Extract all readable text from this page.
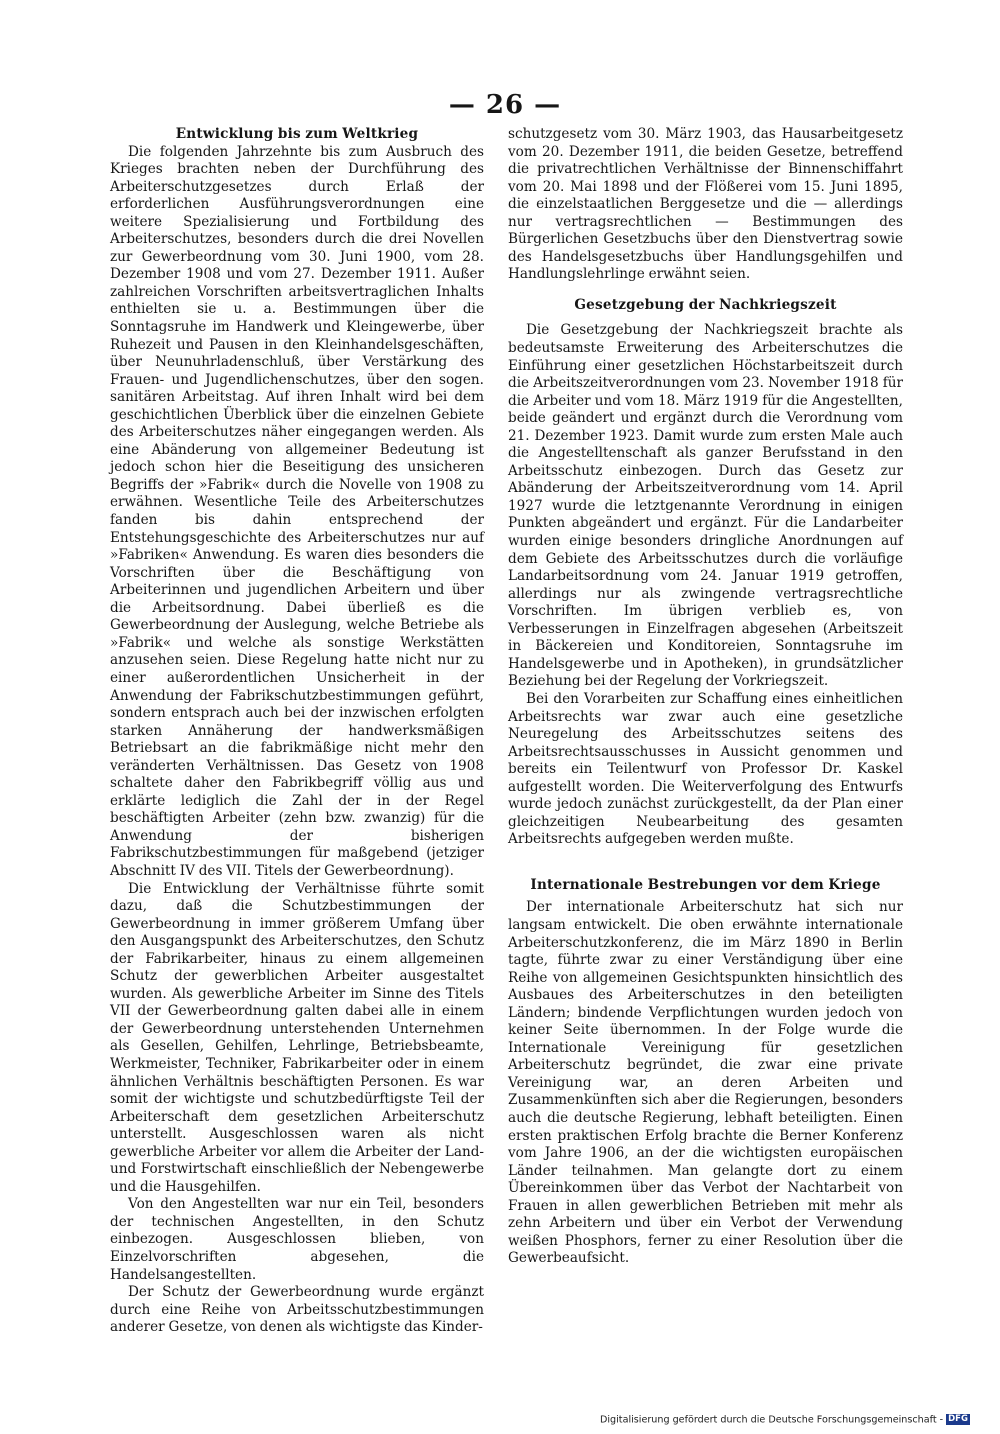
— 26 —
Entwicklung bis zum Weltkrieg

Die folgenden Jahrzehnte bis zum Ausbruch des Krieges brachten neben der Durchführung des Arbeiterschutzgesetzes durch Erlaß der erforderlichen Ausführungsverordnungen eine weitere Spezialisierung und Fortbildung des Arbeiterschutzes, besonders durch die drei Novellen zur Gewerbeordnung vom 30. Juni 1900, vom 28. Dezember 1908 und vom 27. Dezember 1911. Außer zahlreichen Vorschriften arbeitsvertraglichen Inhalts enthielten sie u. a. Bestimmungen über die Sonntagsruhe im Handwerk und Kleingewerbe, über Ruhezeit und Pausen in den Kleinhandelsgeschäften, über Neunuhrladenschluß, über Verstärkung des Frauen- und Jugendlichenschutzes, über den sogen. sanitären Arbeitstag. Auf ihren Inhalt wird bei dem geschichtlichen Überblick über die einzelnen Gebiete des Arbeiterschutzes näher eingegangen werden. Als eine Abänderung von allgemeiner Bedeutung ist jedoch schon hier die Beseitigung des unsicheren Begriffs der »Fabrik« durch die Novelle von 1908 zu erwähnen. Wesentliche Teile des Arbeiterschutzes fanden bis dahin entsprechend der Entstehungsgeschichte des Arbeiterschutzes nur auf »Fabriken« Anwendung. Es waren dies besonders die Vorschriften über die Beschäftigung von Arbeiterinnen und jugendlichen Arbeitern und über die Arbeitsordnung. Dabei überließ es die Gewerbeordnung der Auslegung, welche Betriebe als »Fabrik« und welche als sonstige Werkstätten anzusehen seien. Diese Regelung hatte nicht nur zu einer außerordentlichen Unsicherheit in der Anwendung der Fabrikschutzbestimmungen geführt, sondern entsprach auch bei der inzwischen erfolgten starken Annäherung der handwerksmäßigen Betriebsart an die fabrikmäßige nicht mehr den veränderten Verhältnissen. Das Gesetz von 1908 schaltete daher den Fabrikbegriff völlig aus und erklärte lediglich die Zahl der in der Regel beschäftigten Arbeiter (zehn bzw. zwanzig) für die Anwendung der bisherigen Fabrikschutzbestimmungen für maßgebend (jetziger Abschnitt IV des VII. Titels der Gewerbeordnung).

Die Entwicklung der Verhältnisse führte somit dazu, daß die Schutzbestimmungen der Gewerbeordnung in immer größerem Umfang über den Ausgangspunkt des Arbeiterschutzes, den Schutz der Fabrikarbeiter, hinaus zu einem allgemeinen Schutz der gewerblichen Arbeiter ausgestaltet wurden. Als gewerbliche Arbeiter im Sinne des Titels VII der Gewerbeordnung galten dabei alle in einem der Gewerbeordnung unterstehenden Unternehmen als Gesellen, Gehilfen, Lehrlinge, Betriebsbeamte, Werkmeister, Techniker, Fabrikarbeiter oder in einem ähnlichen Verhältnis beschäftigten Personen. Es war somit der wichtigste und schutzbedürftigste Teil der Arbeiterschaft dem gesetzlichen Arbeiterschutz unterstellt. Ausgeschlossen waren als nicht gewerbliche Arbeiter vor allem die Arbeiter der Land- und Forstwirtschaft einschließlich der Nebengewerbe und die Hausgehilfen.

Von den Angestellten war nur ein Teil, besonders der technischen Angestellten, in den Schutz einbezogen. Ausgeschlossen blieben, von Einzelvorschriften abgesehen, die Handelsangestellten.

Der Schutz der Gewerbeordnung wurde ergänzt durch eine Reihe von Arbeitsschutzbestimmungen anderer Gesetze, von denen als wichtigste das Kinder-

schutzgesetz vom 30. März 1903, das Hausarbeitgesetz vom 20. Dezember 1911, die beiden Gesetze, betreffend die privatrechtlichen Verhältnisse der Binnenschiffahrt vom 20. Mai 1898 und der Flößerei vom 15. Juni 1895, die einzelstaatlichen Berggesetze und die — allerdings nur vertragsrechtlichen — Bestimmungen des Bürgerlichen Gesetzbuchs über den Dienstvertrag sowie des Handelsgesetzbuchs über Handlungsgehilfen und Handlungslehrlinge erwähnt seien.

Gesetzgebung der Nachkriegszeit

Die Gesetzgebung der Nachkriegszeit brachte als bedeutsamste Erweiterung des Arbeiterschutzes die Einführung einer gesetzlichen Höchstarbeitszeit durch die Arbeitszeitverordnungen vom 23. November 1918 für die Arbeiter und vom 18. März 1919 für die Angestellten, beide geändert und ergänzt durch die Verordnung vom 21. Dezember 1923. Damit wurde zum ersten Male auch die Angestelltenschaft als ganzer Berufsstand in den Arbeitsschutz einbezogen. Durch das Gesetz zur Abänderung der Arbeitszeitverordnung vom 14. April 1927 wurde die letztgenannte Verordnung in einigen Punkten abgeändert und ergänzt. Für die Landarbeiter wurden einige besonders dringliche Anordnungen auf dem Gebiete des Arbeitsschutzes durch die vorläufige Landarbeitsordnung vom 24. Januar 1919 getroffen, allerdings nur als zwingende vertragsrechtliche Vorschriften. Im übrigen verblieb es, von Verbesserungen in Einzelfragen abgesehen (Arbeitszeit in Bäckereien und Konditoreien, Sonntagsruhe im Handelsgewerbe und in Apotheken), in grundsätzlicher Beziehung bei der Regelung der Vorkriegszeit.

Bei den Vorarbeiten zur Schaffung eines einheitlichen Arbeitsrechts war zwar auch eine gesetzliche Neuregelung des Arbeitsschutzes seitens des Arbeitsrechtsausschusses in Aussicht genommen und bereits ein Teilentwurf von Professor Dr. Kaskel aufgestellt worden. Die Weiterverfolgung des Entwurfs wurde jedoch zunächst zurückgestellt, da der Plan einer gleichzeitigen Neubearbeitung des gesamten Arbeitsrechts aufgegeben werden mußte.

Internationale Bestrebungen vor dem Kriege

Der internationale Arbeiterschutz hat sich nur langsam entwickelt. Die oben erwähnte internationale Arbeiterschutzkonferenz, die im März 1890 in Berlin tagte, führte zwar zu einer Verständigung über eine Reihe von allgemeinen Gesichtspunkten hinsichtlich des Ausbaues des Arbeiterschutzes in den beteiligten Ländern; bindende Verpflichtungen wurden jedoch von keiner Seite übernommen. In der Folge wurde die Internationale Vereinigung für gesetzlichen Arbeiterschutz begründet, die zwar eine private Vereinigung war, an deren Arbeiten und Zusammenkünften sich aber die Regierungen, besonders auch die deutsche Regierung, lebhaft beteiligten. Einen ersten praktischen Erfolg brachte die Berner Konferenz vom Jahre 1906, an der die wichtigsten europäischen Länder teilnahmen. Man gelangte dort zu einem Übereinkommen über das Verbot der Nachtarbeit von Frauen in allen gewerblichen Betrieben mit mehr als zehn Arbeitern und über ein Verbot der Verwendung weißen Phosphors, ferner zu einer Resolution über die Gewerbeaufsicht.

Digitalisierung gefördert durch die Deutsche Forschungsgemeinschaft - DFG
